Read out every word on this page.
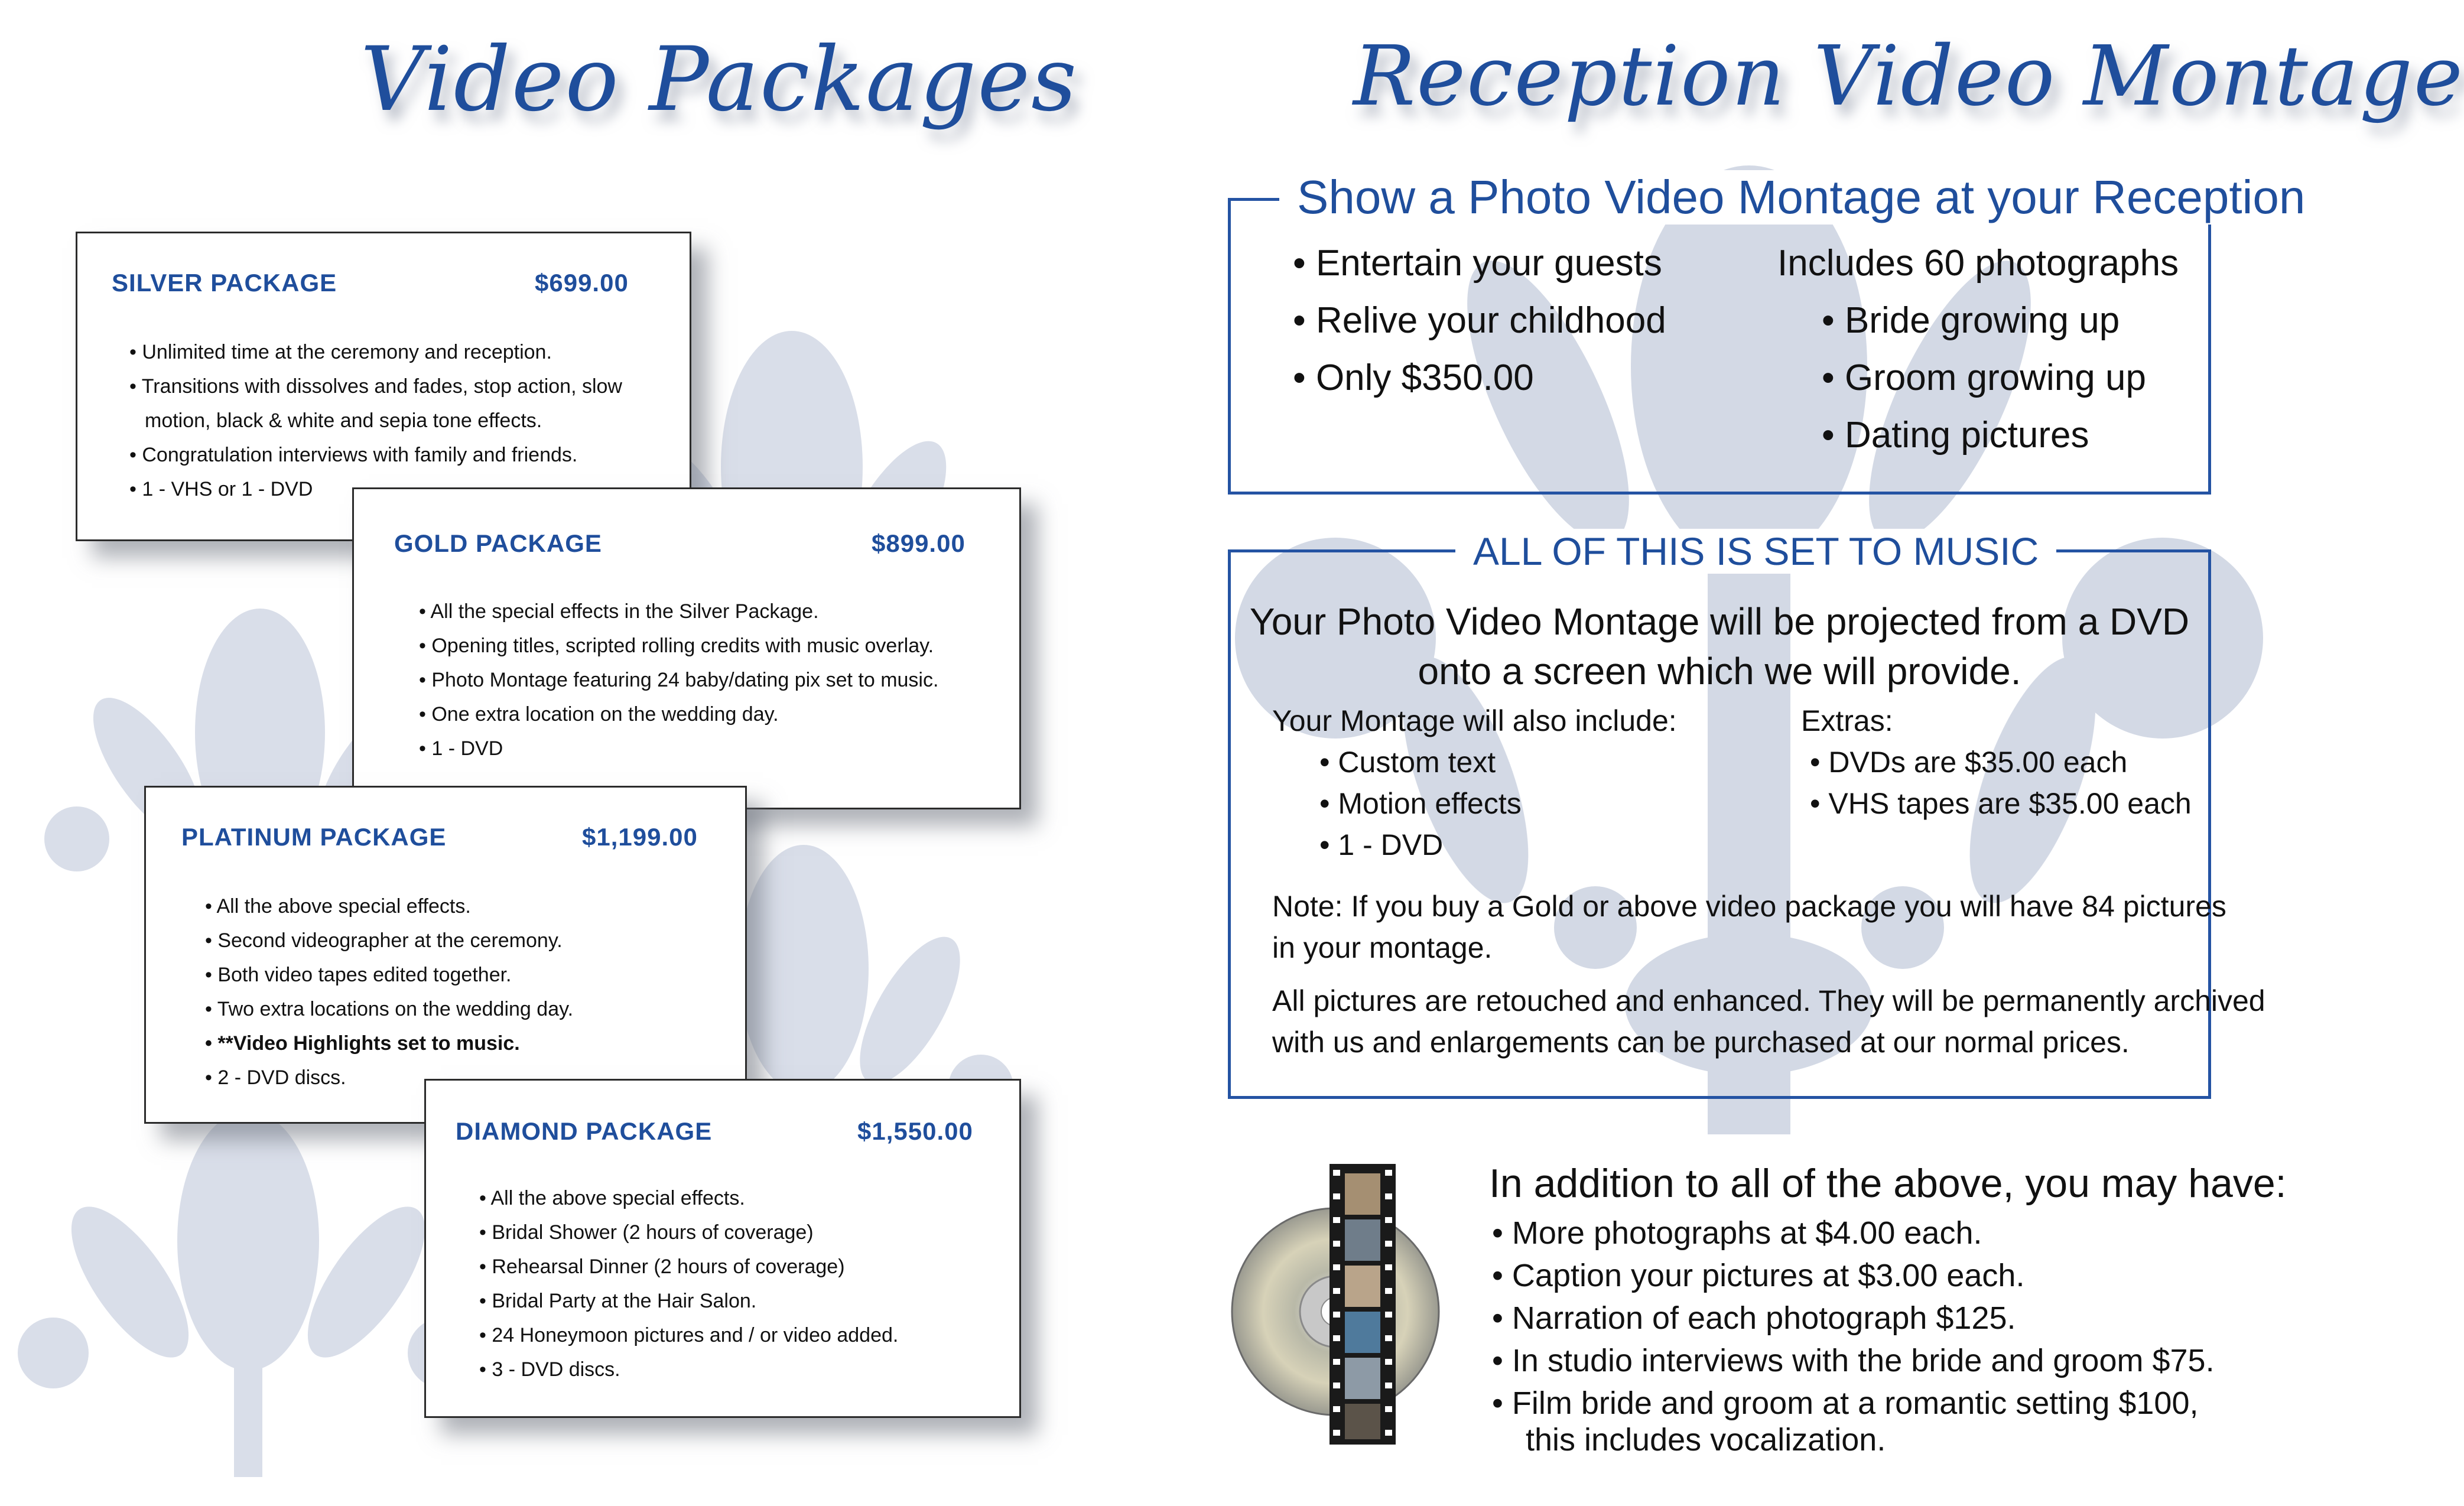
Video Packages	Reception Video Montage
SILVER PACKAGE	$699.00
• Unlimited time at the ceremony and reception.
• Transitions with dissolves and fades, stop action, slow motion, black & white and sepia tone effects.
• Congratulation interviews with family and friends.
• 1 - VHS or 1 - DVD
GOLD PACKAGE	$899.00
• All the special effects in the Silver Package.
• Opening titles, scripted rolling credits with music overlay.
• Photo Montage featuring 24 baby/dating pix set to music.
• One extra location on the wedding day.
• 1 - DVD
PLATINUM PACKAGE	$1,199.00
• All the above special effects.
• Second videographer at the ceremony.
• Both video tapes edited together.
• Two extra locations on the wedding day.
• **Video Highlights set to music.
• 2 - DVD discs.
DIAMOND PACKAGE	$1,550.00
• All the above special effects.
• Bridal Shower (2 hours of coverage)
• Rehearsal Dinner (2 hours of coverage)
• Bridal Party at the Hair Salon.
• 24 Honeymoon pictures and / or video added.
• 3 - DVD discs.
Show a Photo Video Montage at your Reception
• Entertain your guests
• Relive your childhood
• Only $350.00
Includes 60 photographs
• Bride growing up
• Groom growing up
• Dating pictures
ALL OF THIS IS SET TO MUSIC
Your Photo Video Montage will be projected from a DVD
onto a screen which we will provide.
Your Montage will also include:
• Custom text
• Motion effects
• 1 - DVD
Extras:
• DVDs are $35.00 each
• VHS tapes are $35.00 each
Note: If you buy a Gold or above video package you will have 84 pictures
in your montage.
All pictures are retouched and enhanced. They will be permanently archived
with us and enlargements can be purchased at our normal prices.
In addition to all of the above, you may have:
• More photographs at $4.00 each.
• Caption your pictures at $3.00 each.
• Narration of each photograph $125.
• In studio interviews with the bride and groom $75.
• Film bride and groom at a romantic setting $100,
this includes vocalization.
